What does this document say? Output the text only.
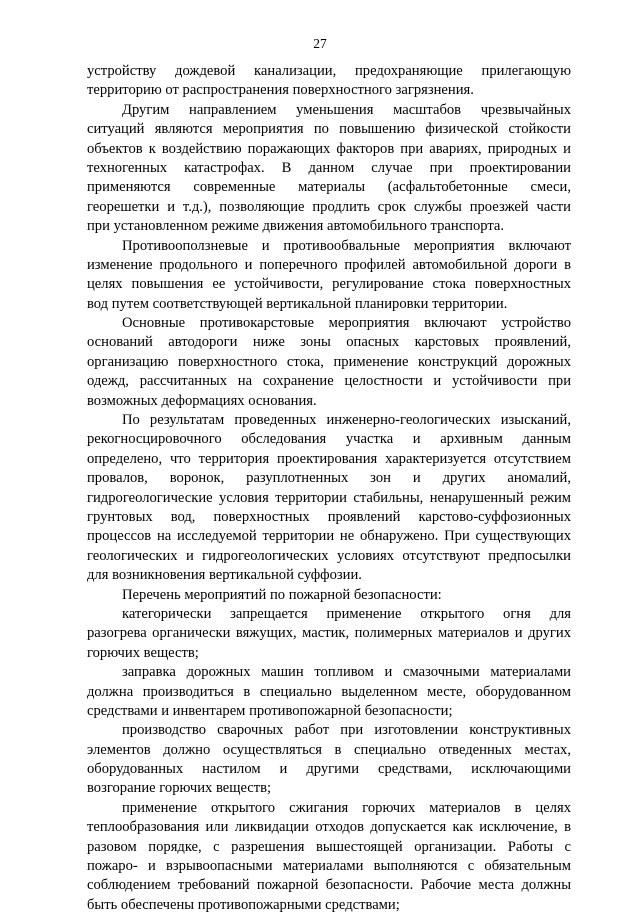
27
устройству дождевой канализации, предохраняющие прилегающую
территорию от распространения поверхностного загрязнения.
Другим направлением уменьшения масштабов чрезвычайных
ситуаций являются мероприятия по повышению физической стойкости
объектов к воздействию поражающих факторов при авариях, природных и
техногенных катастрофах. В данном случае при проектировании
применяются современные материалы (асфальтобетонные смеси,
георешетки и т.д.), позволяющие продлить срок службы проезжей части
при установленном режиме движения автомобильного транспорта.
Противооползневые и противообвальные мероприятия включают
изменение продольного и поперечного профилей автомобильной дороги в
целях повышения ее устойчивости, регулирование стока поверхностных
вод путем соответствующей вертикальной планировки территории.
Основные противокарстовые мероприятия включают устройство
оснований автодороги ниже зоны опасных карстовых проявлений,
организацию поверхностного стока, применение конструкций дорожных
одежд, рассчитанных на сохранение целостности и устойчивости при
возможных деформациях основания.
По результатам проведенных инженерно-геологических изысканий,
рекогносцировочного обследования участка и архивным данным
определено, что территория проектирования характеризуется отсутствием
провалов, воронок, разуплотненных зон и других аномалий,
гидрогеологические условия территории стабильны, ненарушенный режим
грунтовых вод, поверхностных проявлений карстово-суффозионных
процессов на исследуемой территории не обнаружено. При существующих
геологических и гидрогеологических условиях отсутствуют предпосылки
для возникновения вертикальной суффозии.
Перечень мероприятий по пожарной безопасности:
категорически запрещается применение открытого огня для
разогрева органически вяжущих, мастик, полимерных материалов и других
горючих веществ;
заправка дорожных машин топливом и смазочными материалами
должна производиться в специально выделенном месте, оборудованном
средствами и инвентарем противопожарной безопасности;
производство сварочных работ при изготовлении конструктивных
элементов должно осуществляться в специально отведенных местах,
оборудованных настилом и другими средствами, исключающими
возгорание горючих веществ;
применение открытого сжигания горючих материалов в целях
теплообразования или ликвидации отходов допускается как исключение, в
разовом порядке, с разрешения вышестоящей организации. Работы с
пожаро- и взрывоопасными материалами выполняются с обязательным
соблюдением требований пожарной безопасности. Рабочие места должны
быть обеспечены противопожарными средствами;
